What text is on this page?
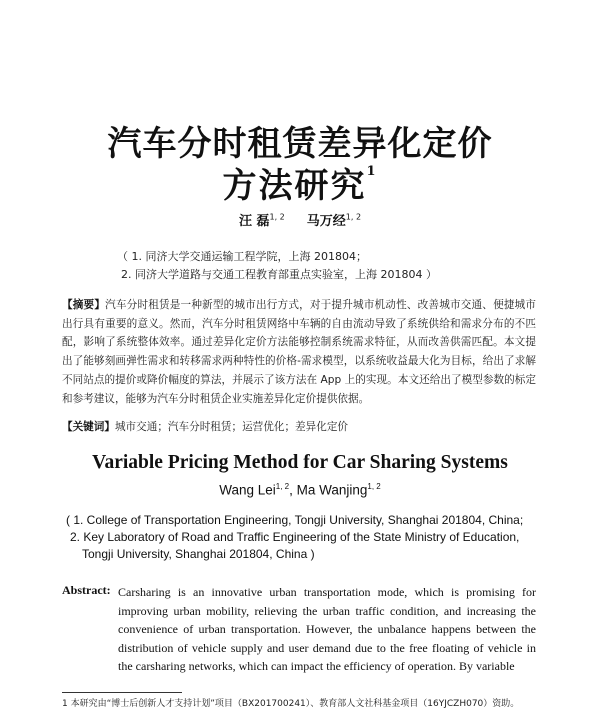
汽车分时租赁差异化定价
方法研究$^1$
汪 磊$^{1, 2}$ 马万经$^{1, 2}$
（ 1. 同济大学交通运输工程学院，上海 201804；
2. 同济大学道路与交通工程教育部重点实验室，上海 201804 ）
【摘要】汽车分时租赁是一种新型的城市出行方式，对于提升城市机动性、改善城市交通、便捷城市出行具有重要的意义。然而，汽车分时租赁网络中车辆的自由流动导致了系统供给和需求分布的不匹配，影响了系统整体效率。通过差异化定价方法能够控制系统需求特征，从而改善供需匹配。本文提出了能够刻画弹性需求和转移需求两种特性的价格-需求模型，以系统收益最大化为目标，给出了求解不同站点的提价或降价幅度的算法，并展示了该方法在 App 上的实现。本文还给出了模型参数的标定和参考建议，能够为汽车分时租赁企业实施差异化定价提供依据。
【关键词】城市交通；汽车分时租赁；运营优化；差异化定价
Variable Pricing Method for Car Sharing Systems
Wang Lei$^{1, 2}$, Ma Wanjing$^{1, 2}$
( 1. College of Transportation Engineering, Tongji University, Shanghai 201804, China;
2. Key Laboratory of Road and Traffic Engineering of the State Ministry of Education,
Tongji University, Shanghai 201804, China )
Abstract: Carsharing is an innovative urban transportation mode, which is promising for improving urban mobility, relieving the urban traffic condition, and increasing the convenience of urban transportation. However, the unbalance happens between the distribution of vehicle supply and user demand due to the free floating of vehicle in the carsharing networks, which can impact the efficiency of operation. By variable
1 本研究由“博士后创新人才支持计划”项目（BX201700241）、教育部人文社科基金项目（16YJCZH070）资助。
